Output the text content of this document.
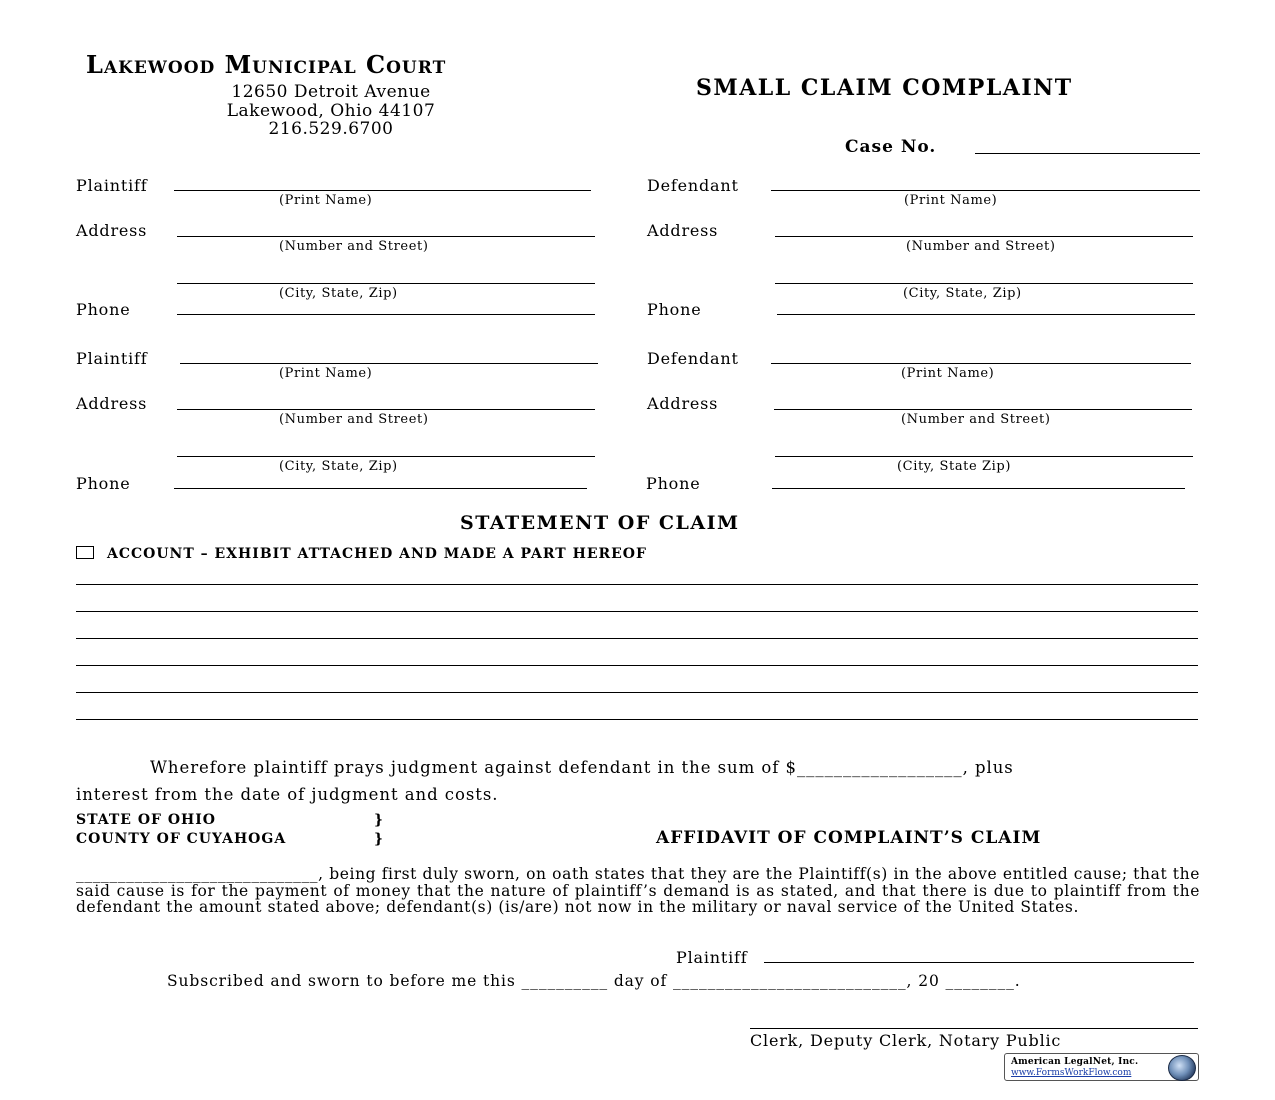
Lakewood Municipal Court
12650 Detroit Avenue
Lakewood, Ohio 44107
216.529.6700
SMALL CLAIM COMPLAINT
Case No.
Plaintiff
(Print Name)
Address
(Number and Street)
(City, State, Zip)
Phone
Defendant
(Print Name)
Address
(Number and Street)
(City, State, Zip)
Phone
Plaintiff
(Print Name)
Address
(Number and Street)
(City, State, Zip)
Phone
Defendant
(Print Name)
Address
(Number and Street)
(City, State Zip)
Phone
STATEMENT OF CLAIM
ACCOUNT – EXHIBIT ATTACHED AND MADE A PART HEREOF
Wherefore plaintiff prays judgment against defendant in the sum of $__________________, plus
interest from the date of judgment and costs.
STATE OF OHIO	}
COUNTY OF CUYAHOGA	}	AFFIDAVIT OF COMPLAINT’S CLAIM
_____________________________, being first duly sworn, on oath states that they are the Plaintiff(s) in the above entitled cause; that the said cause is for the payment of money that the nature of plaintiff’s demand is as stated, and that there is due to plaintiff from the defendant the amount stated above; defendant(s) (is/are) not now in the military or naval service of the United States.
Plaintiff
Subscribed and sworn to before me this __________ day of ___________________________, 20 ________.
Clerk, Deputy Clerk, Notary Public
American LegalNet, Inc.
www.FormsWorkFlow.com
